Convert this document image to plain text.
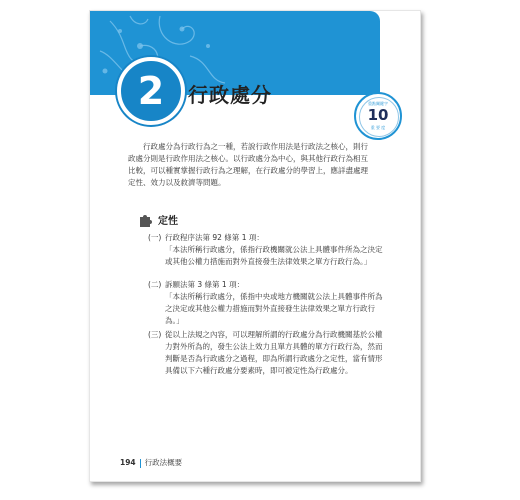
2	行政處分	重點關鍵字
10
重 要 度
行政處分為行政行為之一種，若說行政作用法是行政法之核心，則行政處分則是行政作用法之核心。以行政處分為中心，與其他行政行為相互比較，可以種實掌握行政行為之理解，在行政處分的學習上，應詳盡處理定性、效力以及救濟等問題。
定性
(一) 行政程序法第 92 條第 1 項：
「本法所稱行政處分，係指行政機關就公法上具體事件所為之決定或其他公權力措施而對外直接發生法律效果之單方行政行為。」
(二) 訴願法第 3 條第 1 項：
「本法所稱行政處分，係指中央或地方機關就公法上具體事件所為之決定或其他公權力措施而對外直接發生法律效果之單方行政行為。」
(三) 從以上法規之內容，可以理解所謂的行政處分為行政機關基於公權力對外所為的，發生公法上效力且單方具體的單方行政行為，然而判斷是否為行政處分之過程，即為所謂行政處分之定性，當有情形具備以下六種行政處分要素時，即可被定性為行政處分。
194 行政法概要
